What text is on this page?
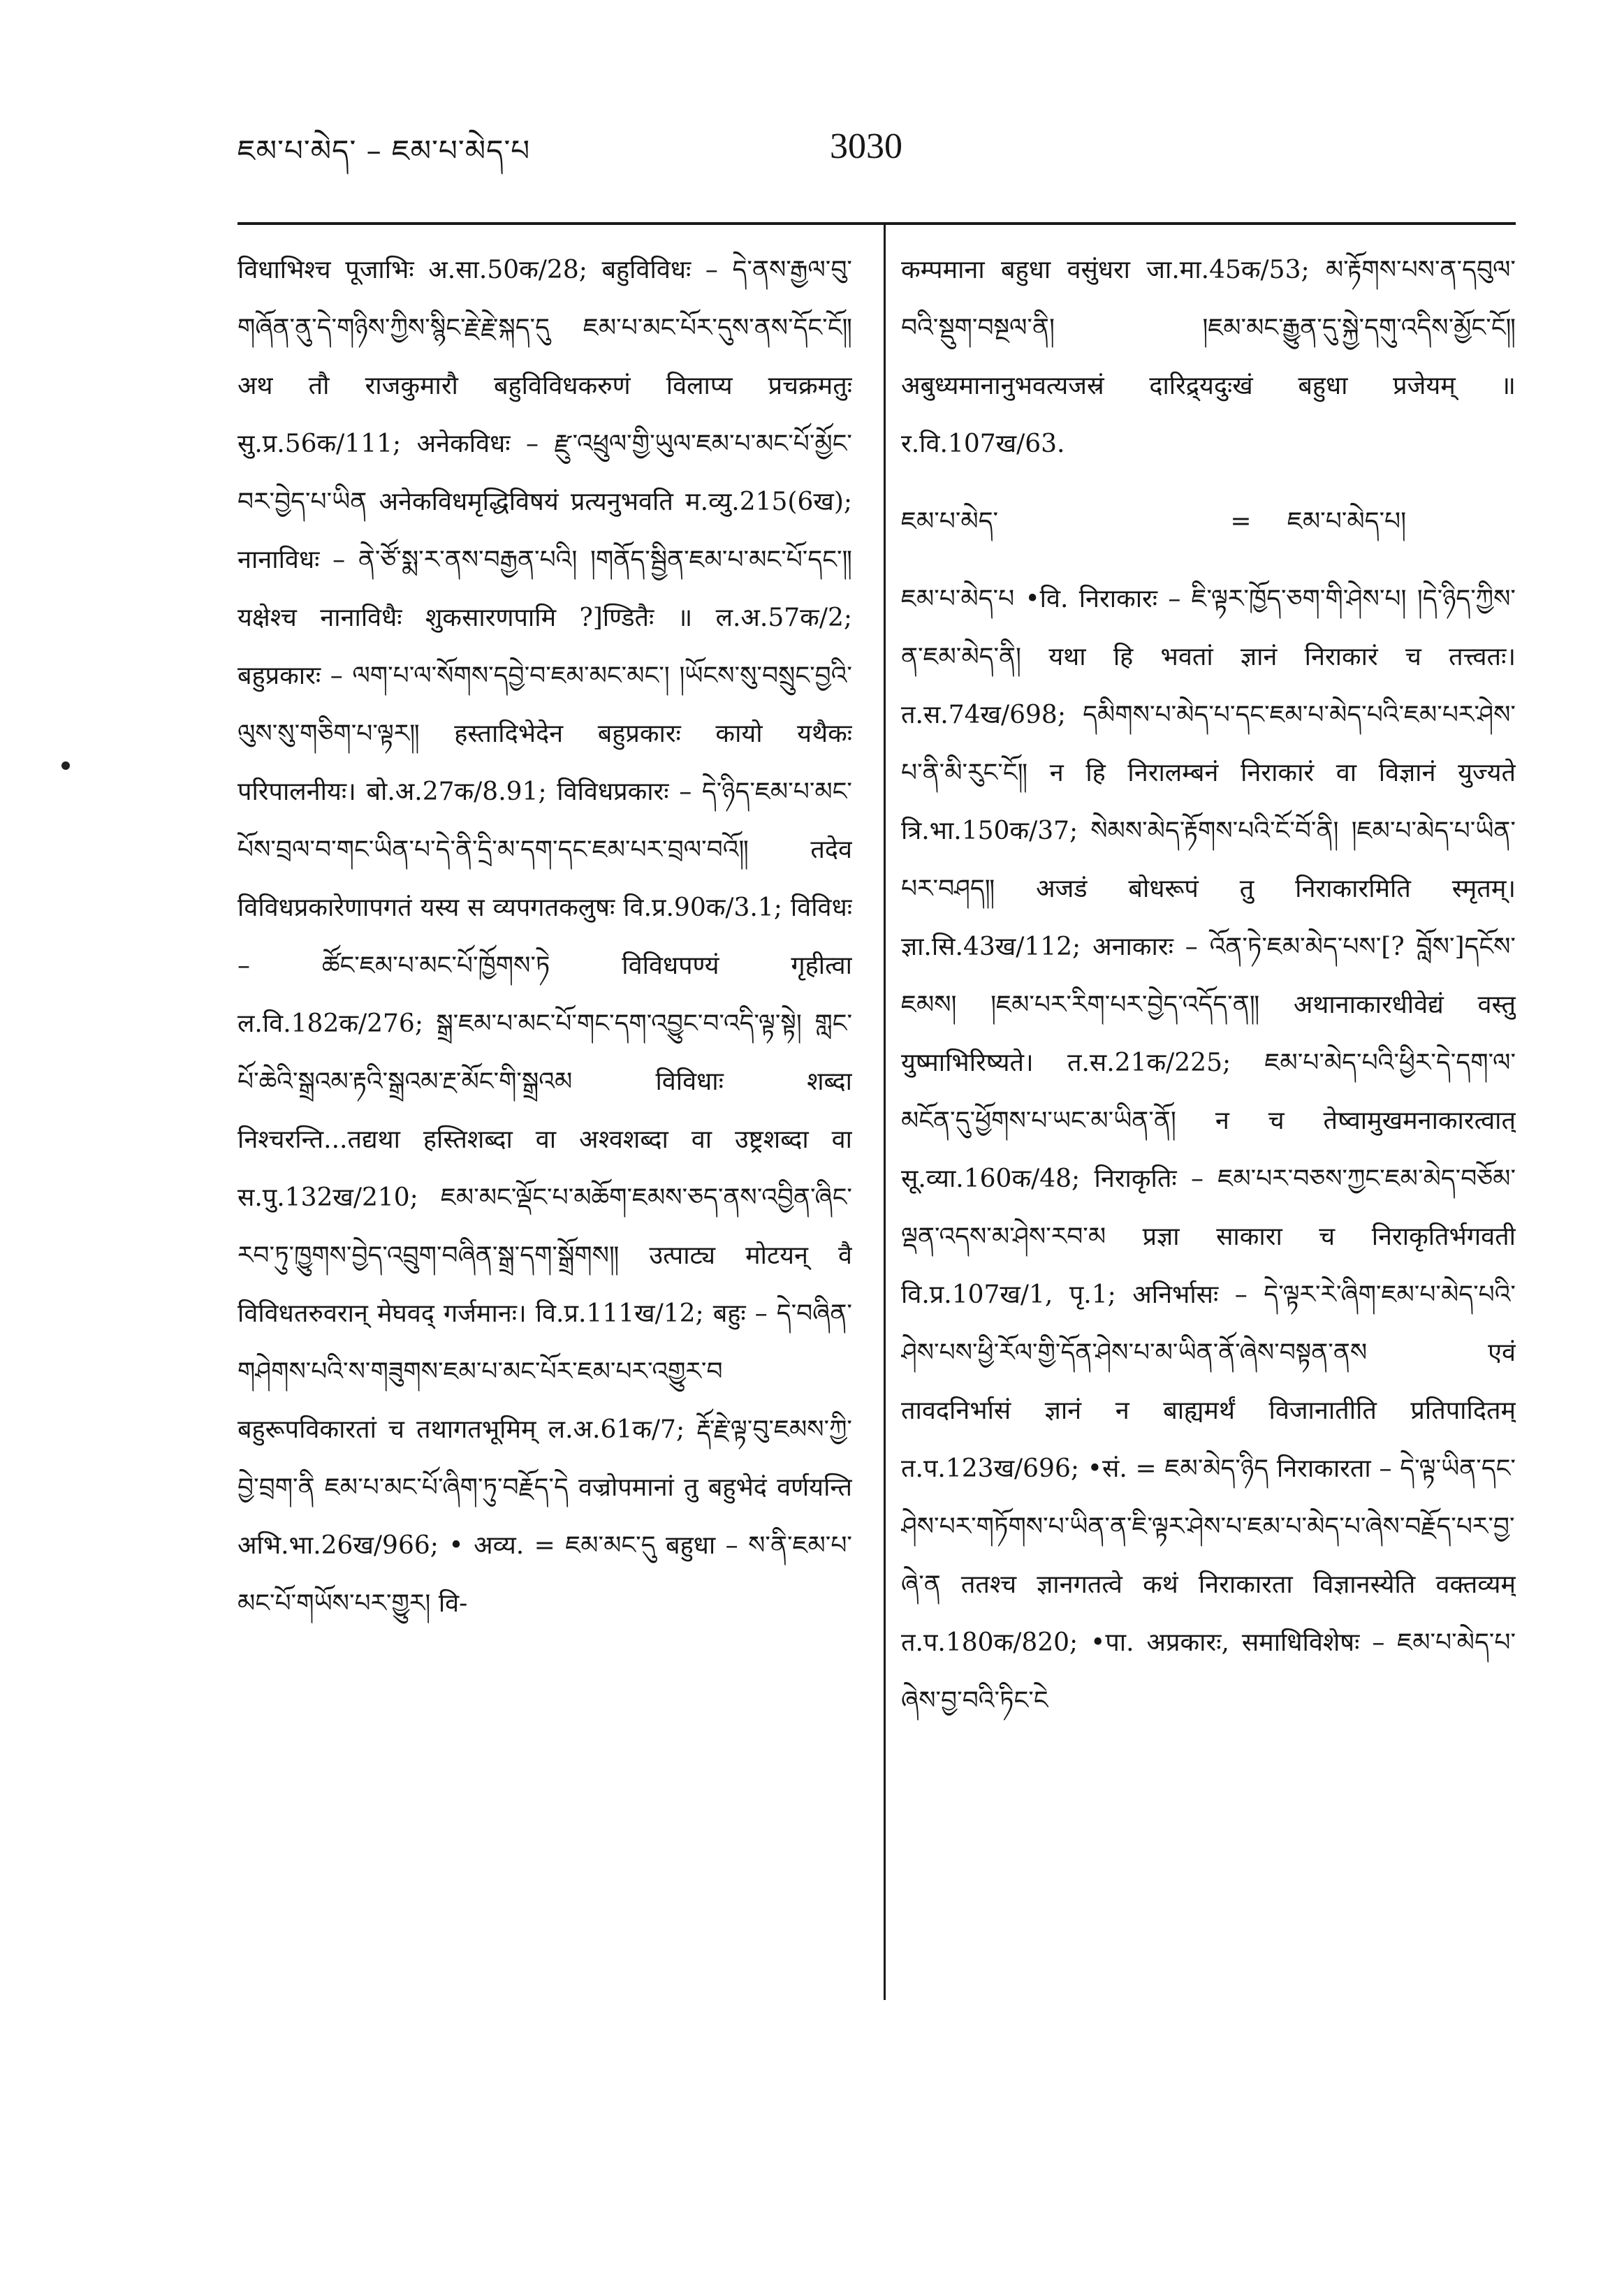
ཇམ་པ་མེད་ – ཇམ་པ་མེད་པ	3030

विधाभिश्च पूजाभिः अ.सा.50क/28; बहुविविधः – དེ་ནས་རྒྱལ་བུ་གཞོན་ནུ་དེ་གཉིས་ཀྱིས་སྙིང་རྗེ་རྗེ་སྐད་དུ ཇམ་པ་མང་པོར་དུས་ནས་དོང་ངོ༎ अथ तौ राजकुमारौ बहुविविधकरुणं विलाप्य प्रचक्रमतुः सु.प्र.56क/111; अनेकविधः – རྫུ་འཕྲུལ་གྱི་ཡུལ་ཇམ་པ་མང་པོ་མྱོང་བར་བྱེད་པ་ཡིན अनेकविधमृद्धिविषयं प्रत्यनुभवति म.व्यु.215(6ख); नानाविधः – ནེ་ཙོ་སྨ་ར་ནས་བརྒྱན་པའི། །གནོད་སྦྱིན་ཇམ་པ་མང་པོ་དང་༎ यक्षेश्च नानाविधैः शुकसारणपामि ?]ण्डितैः ॥ ल.अ.57क/2; बहुप्रकारः – ལག་པ་ལ་སོགས་དབྱེ་བ་ཇམ་མང་མང་། །ཡོངས་སུ་བསྲུང་བྱའི་ལུས་སུ་གཅིག་པ་ལྟར༎ हस्तादिभेदेन बहुप्रकारः कायो यथैकः परिपालनीयः। बो.अ.27क/8.91; विविधप्रकारः – དེ་ཉིད་ཇམ་པ་མང་པོས་བྲལ་བ་གང་ཡིན་པ་དེ་ནི་དྲི་མ་དག་དང་ཇམ་པར་བྲལ་བའོ༎ तदेव विविधप्रकारेणापगतं यस्य स व्यपगतकलुषः वि.प्र.90क/3.1; विविधः – ཚོང་ཇམ་པ་མང་པོ་ཁྱོགས་ཏེ विविधपण्यं गृहीत्वा ल.वि.182क/276; སྒྲ་ཇམ་པ་མང་པོ་གང་དག་འབྱུང་བ་འདི་ལྟ་སྟེ། གླང་པོ་ཆེའི་སྒྲའམ་རྟའི་སྒྲའམ་རྔ་མོང་གི་སྒྲའམ विविधाः शब्दा निश्चरन्ति...तद्यथा हस्तिशब्दा वा अश्वशब्दा वा उष्ट्रशब्दा वा स.पु.132ख/210; ཇམ་མང་ལྡོང་པ་མཆོག་ཇམས་ཅད་ནས་འབྱིན་ཞིང་རབ་ཏུ་ཁྱུགས་བྱེད་འབྲུག་བཞིན་སྒྲ་དག་སྒྲོགས༎ उत्पाट्य मोटयन् वै विविधतरुवरान् मेघवद् गर्जमानः। वि.प्र.111ख/12; बहुः – དེ་བཞིན་གཤེགས་པའི་ས་གཟུགས་ཇམ་པ་མང་པོར་ཇམ་པར་འགྱུར་བ बहुरूपविकारतां च तथागतभूमिम् ल.अ.61क/7; རྡོ་རྗེ་ལྟ་བུ་ཇམས་ཀྱི་བྱེ་བྲག་ནི ཇམ་པ་མང་པོ་ཞིག་ཏུ་བརྗོད་དེ वज्रोपमानां तु बहुभेदं वर्णयन्ति अभि.भा.26ख/966; • अव्य. = ཇམ་མང་དུ बहुधा – ས་ནི་ཇམ་པ་མང་པོ་གཡོས་པར་གྱུར། वि-

कम्पमाना बहुधा वसुंधरा जा.मा.45क/53; མ་རྟོགས་པས་ན་དབུལ་བའི་སྡུག་བསྔལ་ནི། །ཇམ་མང་རྒྱུན་དུ་སྐྱེ་དགུ་འདིས་མྱོང་ངོ༎ अबुध्यमानानुभवत्यजस्रं दारिद्र्यदुःखं बहुधा प्रजेयम् ॥ र.वि.107ख/63.

ཇམ་པ་མེད་	= ཇམ་པ་མེད་པ།

ཇམ་པ་མེད་པ •वि. निराकारः – ཇི་ལྟར་ཁྱོད་ཅག་གི་ཤེས་པ། །དེ་ཉིད་ཀྱིས་ན་ཇམ་མེད་ནི། यथा हि भवतां ज्ञानं निराकारं च तत्त्वतः। त.स.74ख/698; དམིགས་པ་མེད་པ་དང་ཇམ་པ་མེད་པའི་ཇམ་པར་ཤེས་པ་ནི་མི་རུང་ངོ༎ न हि निरालम्बनं निराकारं वा विज्ञानं युज्यते त्रि.भा.150क/37; སེམས་མེད་རྟོགས་པའི་ངོ་བོ་ནི། །ཇམ་པ་མེད་པ་ཡིན་པར་བཤད༎ अजडं बोधरूपं तु निराकारमिति स्मृतम्। ज्ञा.सि.43ख/112; अनाकारः – འོན་ཏེ་ཇམ་མེད་པས་[? བློས་]དངོས་ཇམས། །ཇམ་པར་རིག་པར་བྱེད་འདོད་ན༎ अथानाकारधीवेद्यं वस्तु युष्माभिरिष्यते। त.स.21क/225; ཇམ་པ་མེད་པའི་ཕྱིར་དེ་དག་ལ་མངོན་དུ་ཕྱོགས་པ་ཡང་མ་ཡིན་ནོ། न च तेष्वामुखमनाकारत्वात् सू.व्या.160क/48; निराकृतिः – ཇམ་པར་བཅས་ཀྱང་ཇམ་མེད་བཅོམ་ལྡན་འདས་མ་ཤེས་རབ་མ प्रज्ञा साकारा च निराकृतिर्भगवती वि.प्र.107ख/1, पृ.1; अनिर्भासः – དེ་ལྟར་རེ་ཞིག་ཇམ་པ་མེད་པའི་ཤེས་པས་ཕྱི་རོལ་གྱི་དོན་ཤེས་པ་མ་ཡིན་ནོ་ཞེས་བསྟན་ནས एवं तावदनिर्भासं ज्ञानं न बाह्यमर्थं विजानातीति प्रतिपादितम् त.प.123ख/696; •सं. = ཇམ་མེད་ཉིད निराकारता – དེ་ལྟ་ཡིན་དང་ཤེས་པར་གཏོགས་པ་ཡིན་ན་ཇི་ལྟར་ཤེས་པ་ཇམ་པ་མེད་པ་ཞེས་བརྗོད་པར་བྱ་ཞེ་ན ततश्च ज्ञानगतत्वे कथं निराकारता विज्ञानस्येति वक्तव्यम् त.प.180क/820; •पा. अप्रकारः, समाधिविशेषः – ཇམ་པ་མེད་པ་ཞེས་བྱ་བའི་ཏིང་ངེ
